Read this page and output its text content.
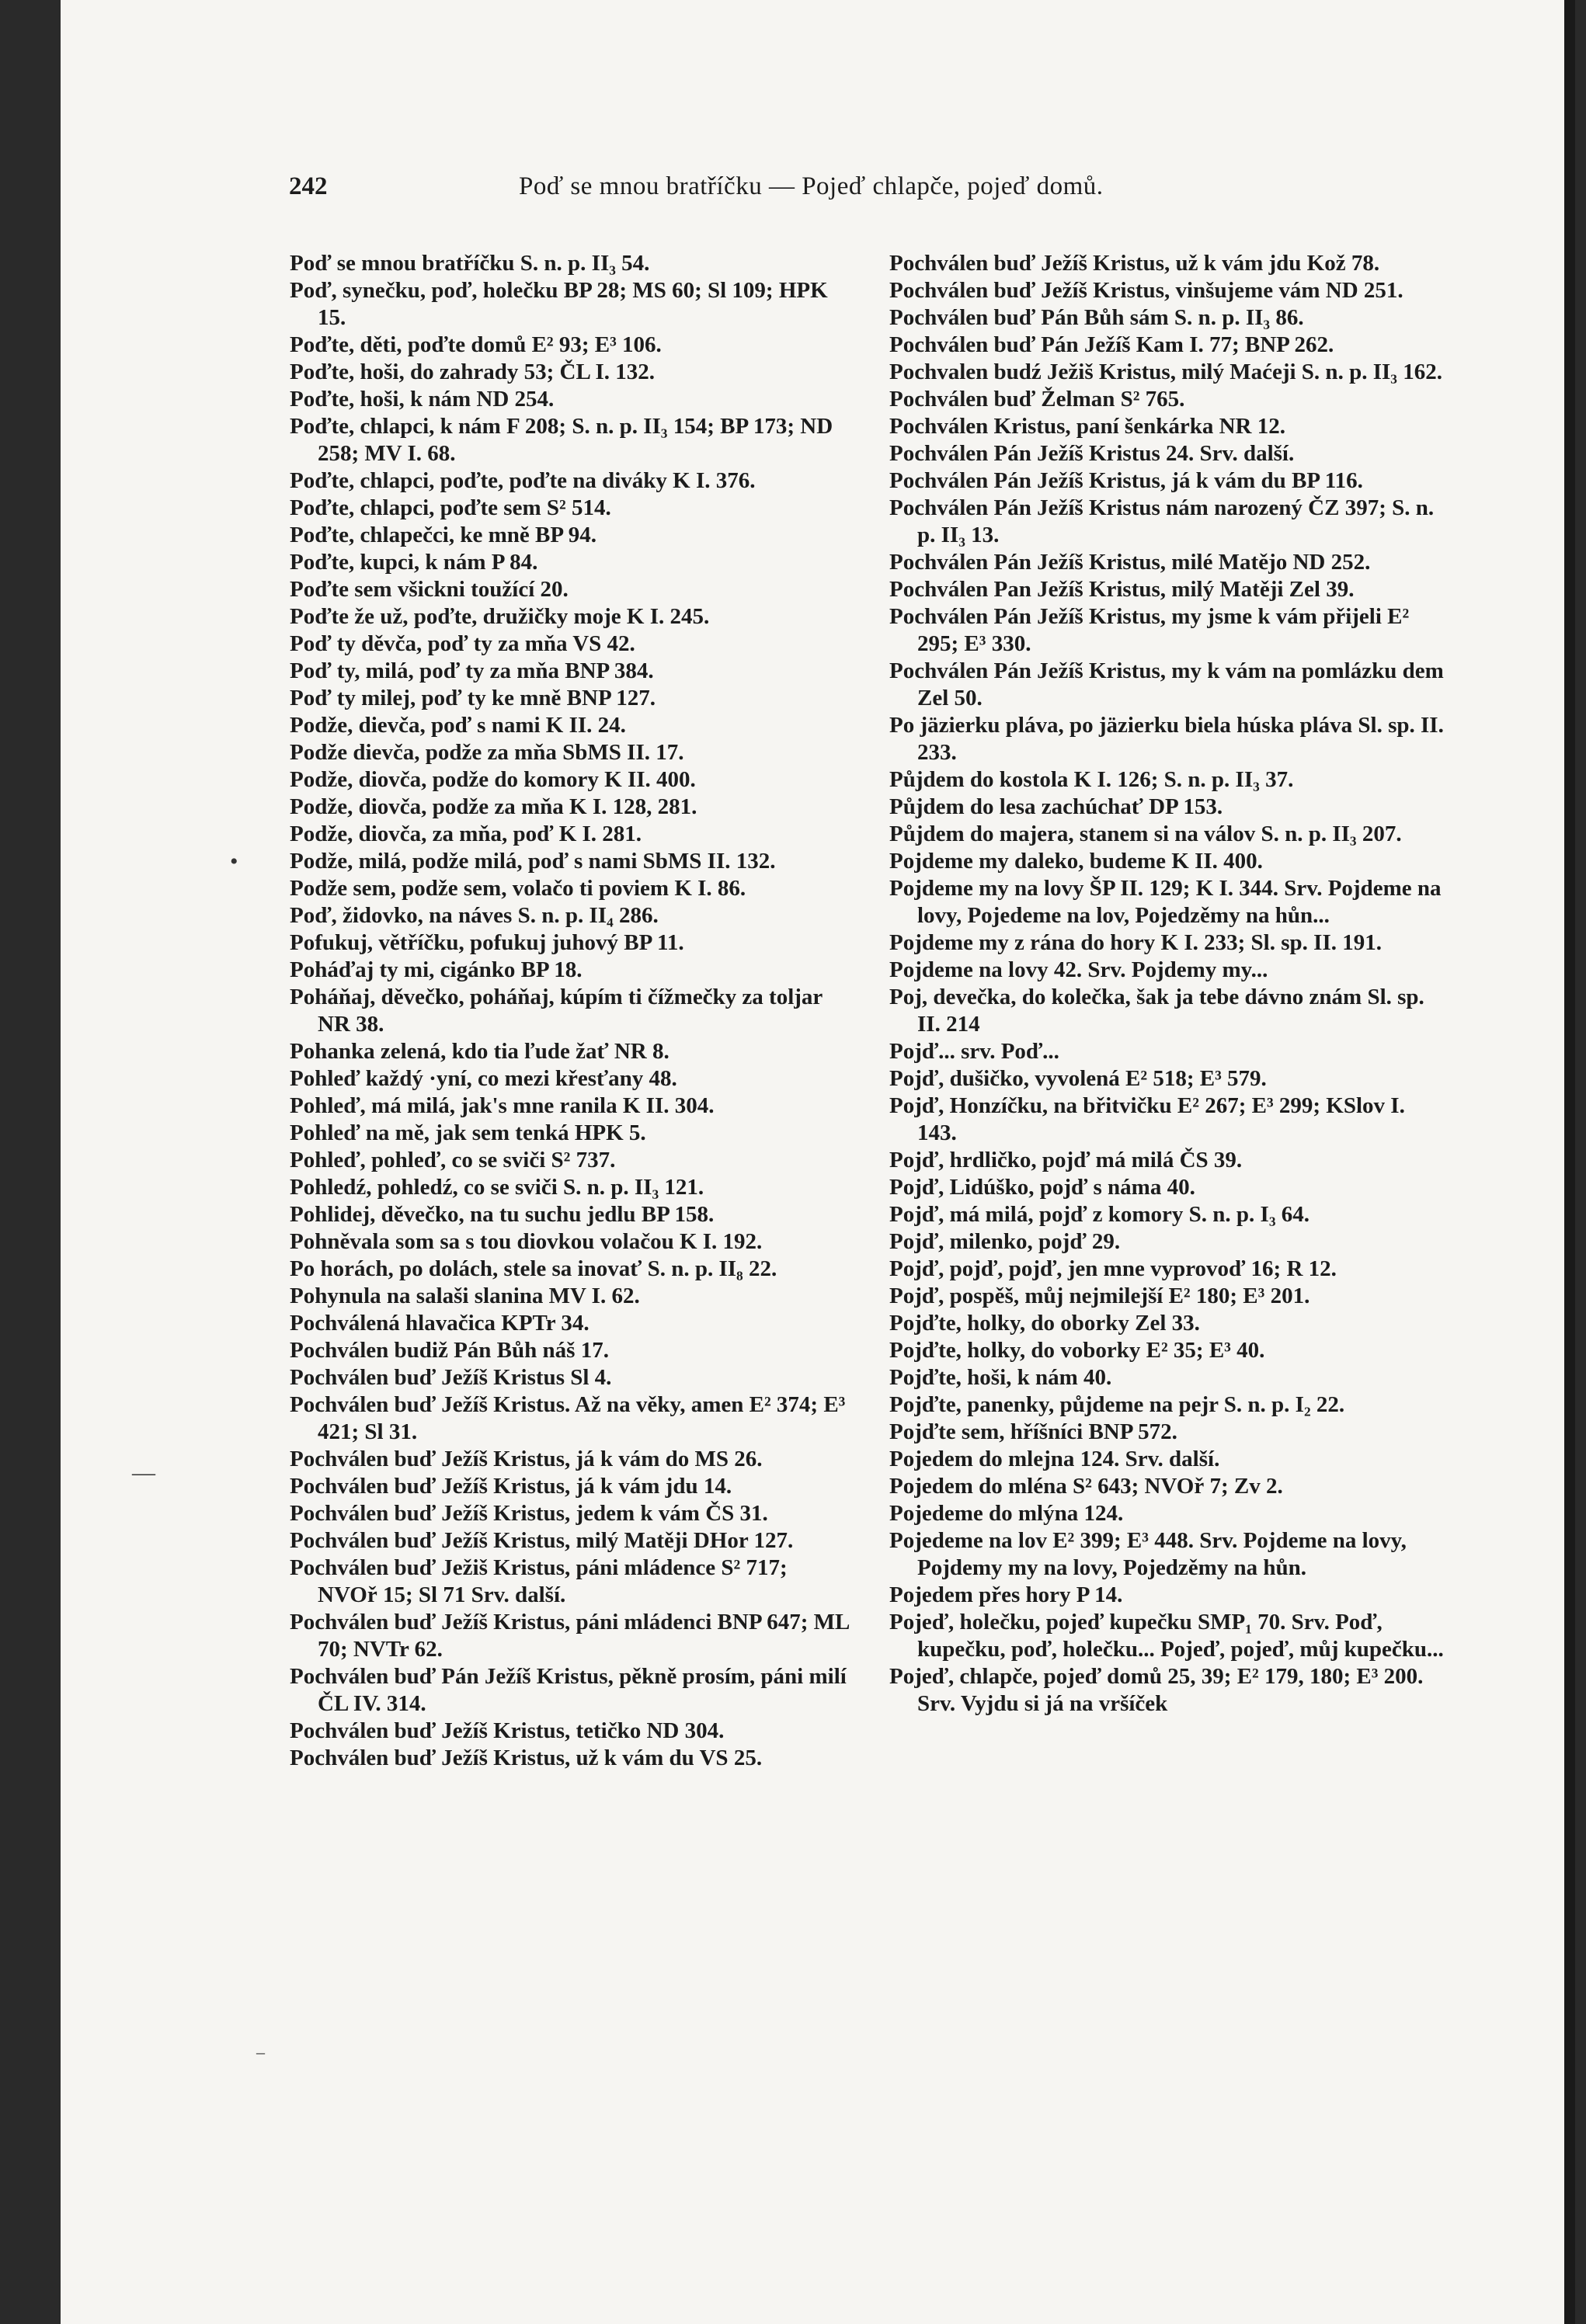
242	Poď se mnou bratříčku — Pojeď chlapče, pojeď domů.

Poď se mnou bratříčku S. n. p. II₃ 54.

Poď, synečku, poď, holečku BP 28; MS 60; Sl 109; HPK 15.

Poďte, děti, poďte domů E² 93; E³ 106.

Poďte, hoši, do zahrady 53; ČL I. 132.

Poďte, hoši, k nám ND 254.

Poďte, chlapci, k nám F 208; S. n. p. II₃ 154; BP 173; ND 258; MV I. 68.

Poďte, chlapci, poďte, poďte na diváky K I. 376.

Poďte, chlapci, poďte sem S² 514.

Poďte, chlapečci, ke mně BP 94.

Poďte, kupci, k nám P 84.

Poďte sem všickni toužící 20.

Poďte že už, poďte, družičky moje K I. 245.

Poď ty děvča, poď ty za mňa VS 42.

Poď ty, milá, poď ty za mňa BNP 384.

Poď ty milej, poď ty ke mně BNP 127.

Podže, dievča, poď s nami K II. 24.

Podže dievča, podže za mňa SbMS II. 17.

Podže, diovča, podže do komory K II. 400.

Podže, diovča, podže za mňa K I. 128, 281.

Podže, diovča, za mňa, poď K I. 281.

Podže, milá, podže milá, poď s nami SbMS II. 132.

Podže sem, podže sem, volačo ti poviem K I. 86.

Poď, židovko, na náves S. n. p. II₄ 286.

Pofukuj, větříčku, pofukuj juhový BP 11.

Poháďaj ty mi, cigánko BP 18.

Poháňaj, děvečko, poháňaj, kúpím ti čížmečky za toljar NR 38.

Pohanka zelená, kdo tia ľude žať NR 8.

Pohleď každý ·yní, co mezi křesťany 48.

Pohleď, má milá, jak's mne ranila K II. 304.

Pohleď na mě, jak sem tenká HPK 5.

Pohleď, pohleď, co se sviči S² 737.

Pohledź, pohledź, co se sviči S. n. p. II₃ 121.

Pohlidej, děvečko, na tu suchu jedlu BP 158.

Pohněvala som sa s tou diovkou volačou K I. 192.

Po horách, po dolách, stele sa inovať S. n. p. II₈ 22.

Pohynula na salaši slanina MV I. 62.

Pochválená hlavačica KPTr 34.

Pochválen budiž Pán Bůh náš 17.

Pochválen buď Ježíš Kristus Sl 4.

Pochválen buď Ježíš Kristus. Až na věky, amen E² 374; E³ 421; Sl 31.

Pochválen buď Ježíš Kristus, já k vám do MS 26.

Pochválen buď Ježíš Kristus, já k vám jdu 14.

Pochválen buď Ježíš Kristus, jedem k vám ČS 31.

Pochválen buď Ježíš Kristus, milý Matěji DHor 127.

Pochválen buď Ježiš Kristus, páni mládence S² 717; NVOř 15; Sl 71 Srv. další.

Pochválen buď Ježíš Kristus, páni mládenci BNP 647; ML 70; NVTr 62.

Pochválen buď Pán Ježíš Kristus, pěkně prosím, páni milí ČL IV. 314.

Pochválen buď Ježíš Kristus, tetičko ND 304.

Pochválen buď Ježíš Kristus, už k vám du VS 25.

Pochválen buď Ježíš Kristus, už k vám jdu Kož 78.

Pochválen buď Ježíš Kristus, vinšujeme vám ND 251.

Pochválen buď Pán Bůh sám S. n. p. II₃ 86.

Pochválen buď Pán Ježíš Kam I. 77; BNP 262.

Pochvalen budź Ježiš Kristus, milý Maćeji S. n. p. II₃ 162.

Pochválen buď Želman S² 765.

Pochválen Kristus, paní šenkárka NR 12.

Pochválen Pán Ježíš Kristus 24. Srv. další.

Pochválen Pán Ježíš Kristus, já k vám du BP 116.

Pochválen Pán Ježíš Kristus nám narozený ČZ 397; S. n. p. II₃ 13.

Pochválen Pán Ježíš Kristus, milé Matějo ND 252.

Pochválen Pan Ježíš Kristus, milý Matěji Zel 39.

Pochválen Pán Ježíš Kristus, my jsme k vám přijeli E² 295; E³ 330.

Pochválen Pán Ježíš Kristus, my k vám na pomlázku dem Zel 50.

Po jäzierku pláva, po jäzierku biela húska pláva Sl. sp. II. 233.

Půjdem do kostola K I. 126; S. n. p. II₃ 37.

Půjdem do lesa zachúchať DP 153.

Půjdem do majera, stanem si na válov S. n. p. II₃ 207.

Pojdeme my daleko, budeme K II. 400.

Pojdeme my na lovy ŠP II. 129; K I. 344. Srv. Pojdeme na lovy, Pojedeme na lov, Pojedzěmy na hůn...

Pojdeme my z rána do hory K I. 233; Sl. sp. II. 191.

Pojdeme na lovy 42. Srv. Pojdemy my...

Poj, devečka, do kolečka, šak ja tebe dávno znám Sl. sp. II. 214

Pojď... srv. Poď...

Pojď, dušičko, vyvolená E² 518; E³ 579.

Pojď, Honzíčku, na břitvičku E² 267; E³ 299; KSlov I. 143.

Pojď, hrdličko, pojď má milá ČS 39.

Pojď, Lidúško, pojď s náma 40.

Pojď, má milá, pojď z komory S. n. p. I₃ 64.

Pojď, milenko, pojď 29.

Pojď, pojď, pojď, jen mne vyprovoď 16; R 12.

Pojď, pospěš, můj nejmilejší E² 180; E³ 201.

Pojďte, holky, do oborky Zel 33.

Pojďte, holky, do voborky E² 35; E³ 40.

Pojďte, hoši, k nám 40.

Pojďte, panenky, půjdeme na pejr S. n. p. I₂ 22.

Pojďte sem, hříšníci BNP 572.

Pojedem do mlejna 124. Srv. další.

Pojedem do mléna S² 643; NVOř 7; Zv 2.

Pojedeme do mlýna 124.

Pojedeme na lov E² 399; E³ 448. Srv. Pojdeme na lovy, Pojdemy my na lovy, Pojedzěmy na hůn.

Pojedem přes hory P 14.

Pojeď, holečku, pojeď kupečku SMP₁ 70. Srv. Poď, kupečku, poď, holečku... Pojeď, pojeď, můj kupečku...

Pojeď, chlapče, pojeď domů 25, 39; E² 179, 180; E³ 200. Srv. Vyjdu si já na vršíček

•
—
–
